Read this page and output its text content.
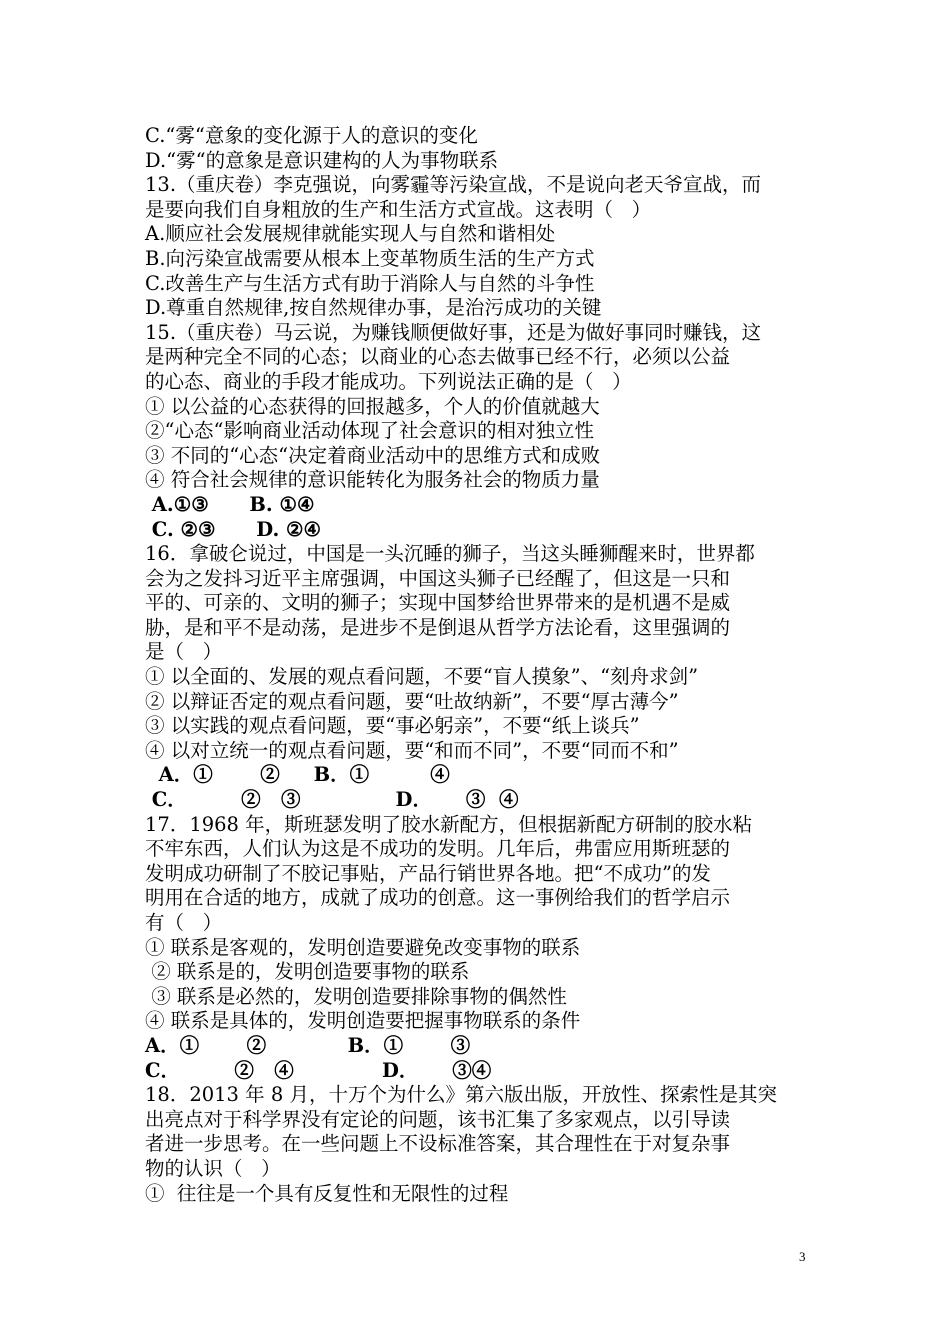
C.“雾“意象的变化源于人的意识的变化
D.“雾“的意象是意识建构的人为事物联系
13.（重庆卷）李克强说，向雾霾等污染宣战，不是说向老天爷宣战，而
是要向我们自身粗放的生产和生活方式宣战。这表明（   ）
A.顺应社会发展规律就能实现人与自然和谐相处
B.向污染宣战需要从根本上变革物质生活的生产方式
C.改善生产与生活方式有助于消除人与自然的斗争性
D.尊重自然规律,按自然规律办事，是治污成功的关键
15.（重庆卷）马云说，为赚钱顺便做好事，还是为做好事同时赚钱，这
是两种完全不同的心态；以商业的心态去做事已经不行，必须以公益
的心态、商业的手段才能成功。下列说法正确的是（   ）
① 以公益的心态获得的回报越多，个人的价值就越大
②“心态“影响商业活动体现了社会意识的相对独立性
③ 不同的“心态“决定着商业活动中的思维方式和成败
④ 符合社会规律的意识能转化为服务社会的物质力量
A.①③      B. ①④
C. ②③      D. ②④
16．拿破仑说过，中国是一头沉睡的狮子，当这头睡狮醒来时，世界都
会为之发抖习近平主席强调，中国这头狮子已经醒了，但这是一只和
平的、可亲的、文明的狮子；实现中国梦给世界带来的是机遇不是威
胁，是和平不是动荡，是进步不是倒退从哲学方法论看，这里强调的
是（   ）
① 以全面的、发展的观点看问题，不要“盲人摸象”、“刻舟求剑”
② 以辩证否定的观点看问题，要“吐故纳新”，不要“厚古薄今”
③ 以实践的观点看问题，要“事必躬亲”，不要“纸上谈兵”
④ 以对立统一的观点看问题，要“和而不同”，不要“同而不和”
A．①       ②     B．①         ④
C．        ②   ③              D．     ③  ④
17．1968 年，斯班瑟发明了胶水新配方，但根据新配方研制的胶水粘
不牢东西，人们认为这是不成功的发明。几年后，弗雷应用斯班瑟的
发明成功研制了不胶记事贴，产品行销世界各地。把“不成功”的发
明用在合适的地方，成就了成功的创意。这一事例给我们的哲学启示
有（   ）
① 联系是客观的，发明创造要避免改变事物的联系
② 联系是的，发明创造要事物的联系
③ 联系是必然的，发明创造要排除事物的偶然性
④ 联系是具体的，发明创造要把握事物联系的条件
A．①       ②            B．①       ③
C．        ②   ④             D．     ③④
18．2013 年 8 月，十万个为什么》第六版出版，开放性、探索性是其突
出亮点对于科学界没有定论的问题，该书汇集了多家观点，以引导读
者进一步思考。在一些问题上不设标准答案，其合理性在于对复杂事
物的认识（   ）
①  往往是一个具有反复性和无限性的过程
3
